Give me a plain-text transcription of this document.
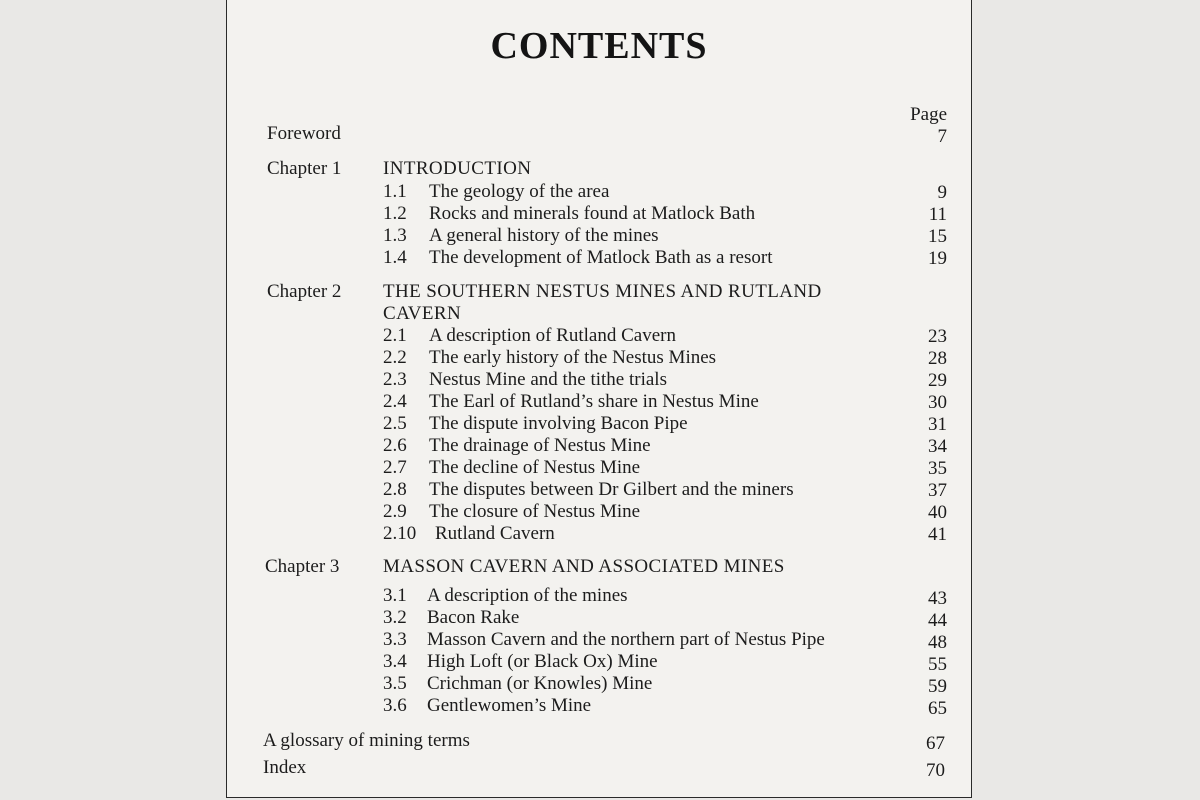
CONTENTS
Page
Foreword	7
Chapter 1 INTRODUCTION
1.1 The geology of the area	9
1.2 Rocks and minerals found at Matlock Bath	11
1.3 A general history of the mines	15
1.4 The development of Matlock Bath as a resort	19
Chapter 2 THE SOUTHERN NESTUS MINES AND RUTLAND
CAVERN
2.1 A description of Rutland Cavern	23
2.2 The early history of the Nestus Mines	28
2.3 Nestus Mine and the tithe trials	29
2.4 The Earl of Rutland’s share in Nestus Mine	30
2.5 The dispute involving Bacon Pipe	31
2.6 The drainage of Nestus Mine	34
2.7 The decline of Nestus Mine	35
2.8 The disputes between Dr Gilbert and the miners	37
2.9 The closure of Nestus Mine	40
2.10 Rutland Cavern	41
Chapter 3 MASSON CAVERN AND ASSOCIATED MINES
3.1 A description of the mines	43
3.2 Bacon Rake	44
3.3 Masson Cavern and the northern part of Nestus Pipe	48
3.4 High Loft (or Black Ox) Mine	55
3.5 Crichman (or Knowles) Mine	59
3.6 Gentlewomen’s Mine	65
A glossary of mining terms	67
Index	70
